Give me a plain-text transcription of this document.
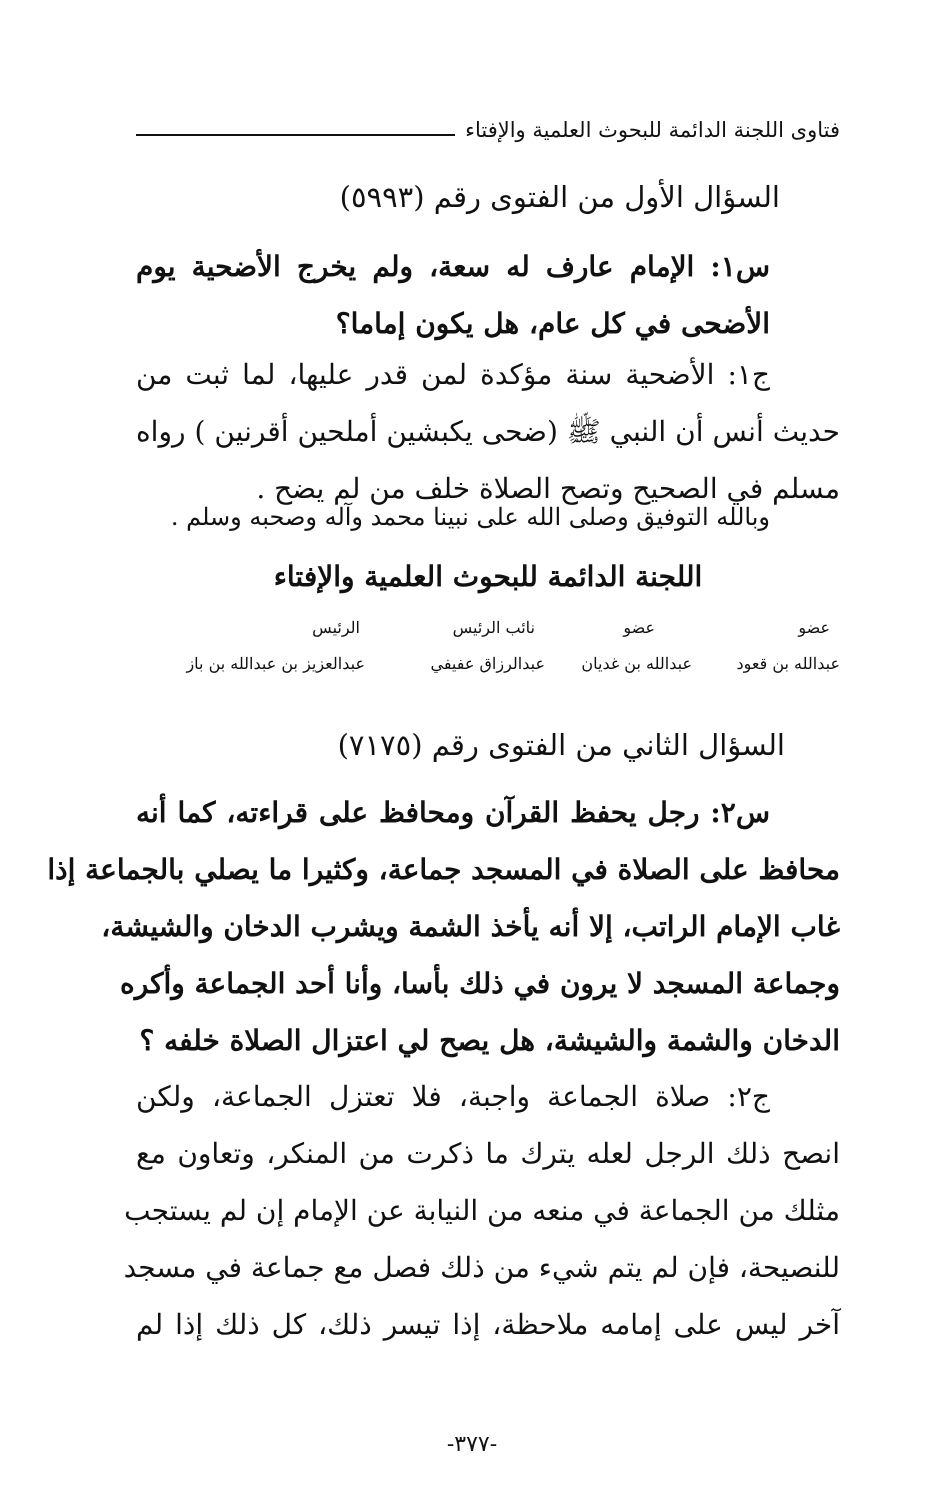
فتاوى اللجنة الدائمة للبحوث العلمية والإفتاء
السؤال الأول من الفتوى رقم (٥٩٩٣)
س١: الإمام عارف له سعة، ولم يخرج الأضحية يوم
الأضحى في كل عام، هل يكون إماما؟
ج١: الأضحية سنة مؤكدة لمن قدر عليها، لما ثبت من
حديث أنس أن النبي ﷺ (ضحى يكبشين أملحين أقرنين ) رواه
مسلم في الصحيح وتصح الصلاة خلف من لم يضح .
وبالله التوفيق وصلى الله على نبينا محمد وآله وصحبه وسلم .
اللجنة الدائمة للبحوث العلمية والإفتاء
عضو
عضو
نائب الرئيس
الرئيس
عبدالله بن قعود
عبدالله بن غديان
عبدالرزاق عفيفي
عبدالعزيز بن عبدالله بن باز
السؤال الثاني من الفتوى رقم (٧١٧٥)
س٢: رجل يحفظ القرآن ومحافظ على قراءته، كما أنه
محافظ على الصلاة في المسجد جماعة، وكثيرا ما يصلي بالجماعة إذا
غاب الإمام الراتب، إلا أنه يأخذ الشمة ويشرب الدخان والشيشة،
وجماعة المسجد لا يرون في ذلك بأسا، وأنا أحد الجماعة وأكره
الدخان والشمة والشيشة، هل يصح لي اعتزال الصلاة خلفه ؟
ج٢: صلاة الجماعة واجبة، فلا تعتزل الجماعة، ولكن
انصح ذلك الرجل لعله يترك ما ذكرت من المنكر، وتعاون مع
مثلك من الجماعة في منعه من النيابة عن الإمام إن لم يستجب
للنصيحة، فإن لم يتم شيء من ذلك فصل مع جماعة في مسجد
آخر ليس على إمامه ملاحظة، إذا تيسر ذلك، كل ذلك إذا لم
-٣٧٧-
